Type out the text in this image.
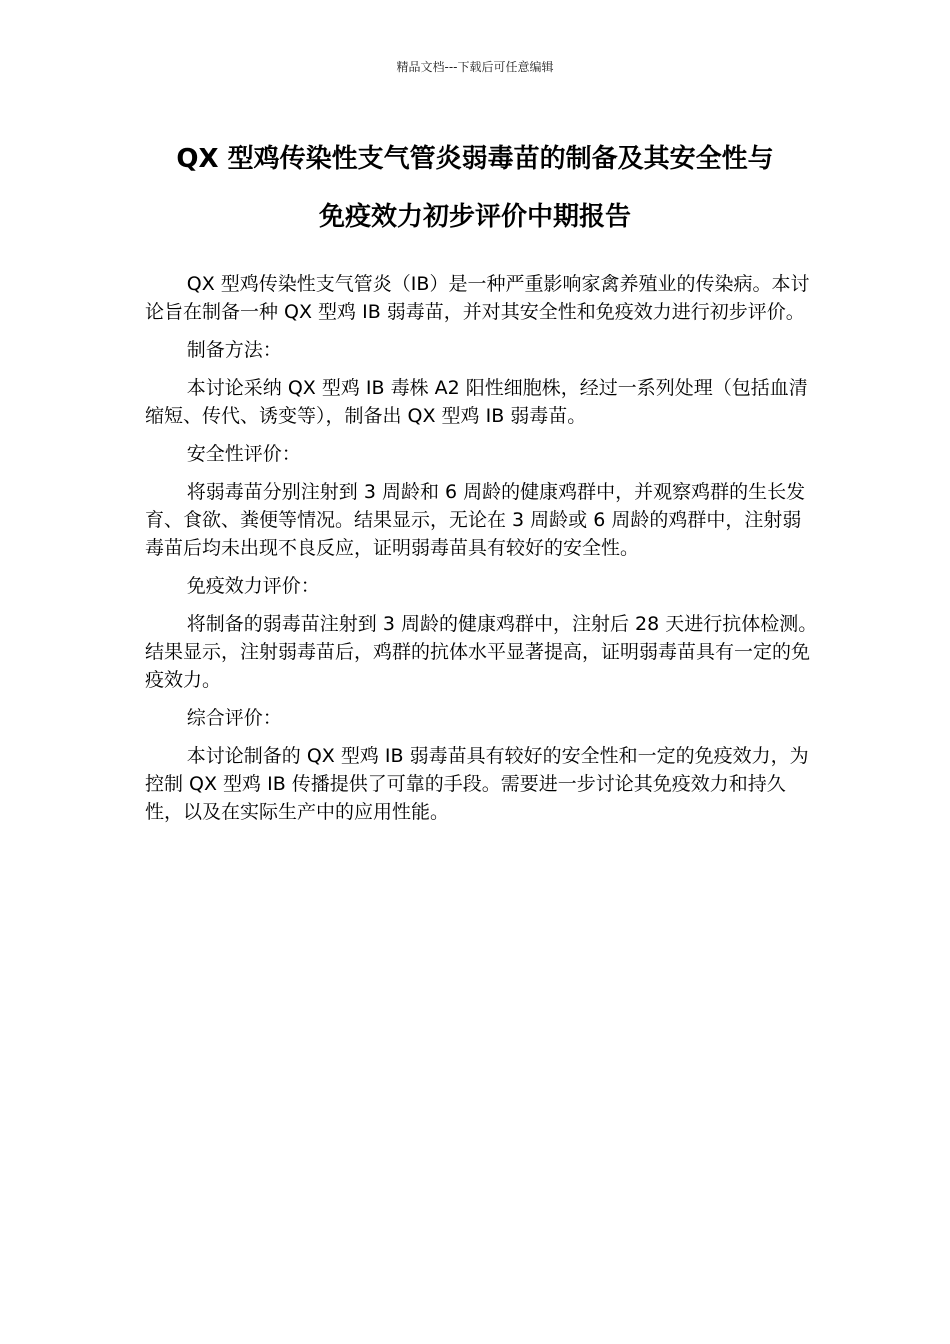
精品文档---下载后可任意编辑

QX 型鸡传染性支气管炎弱毒苗的制备及其安全性与
免疫效力初步评价中期报告

QX 型鸡传染性支气管炎（IB）是一种严重影响家禽养殖业的传染病。本讨论旨在制备一种 QX 型鸡 IB 弱毒苗，并对其安全性和免疫效力进行初步评价。

制备方法：

本讨论采纳 QX 型鸡 IB 毒株 A2 阳性细胞株，经过一系列处理（包括血清缩短、传代、诱变等），制备出 QX 型鸡 IB 弱毒苗。

安全性评价：

将弱毒苗分别注射到 3 周龄和 6 周龄的健康鸡群中，并观察鸡群的生长发育、食欲、粪便等情况。结果显示，无论在 3 周龄或 6 周龄的鸡群中，注射弱毒苗后均未出现不良反应，证明弱毒苗具有较好的安全性。

免疫效力评价：

将制备的弱毒苗注射到 3 周龄的健康鸡群中，注射后 28 天进行抗体检测。结果显示，注射弱毒苗后，鸡群的抗体水平显著提高，证明弱毒苗具有一定的免疫效力。

综合评价：

本讨论制备的 QX 型鸡 IB 弱毒苗具有较好的安全性和一定的免疫效力，为控制 QX 型鸡 IB 传播提供了可靠的手段。需要进一步讨论其免疫效力和持久性，以及在实际生产中的应用性能。
